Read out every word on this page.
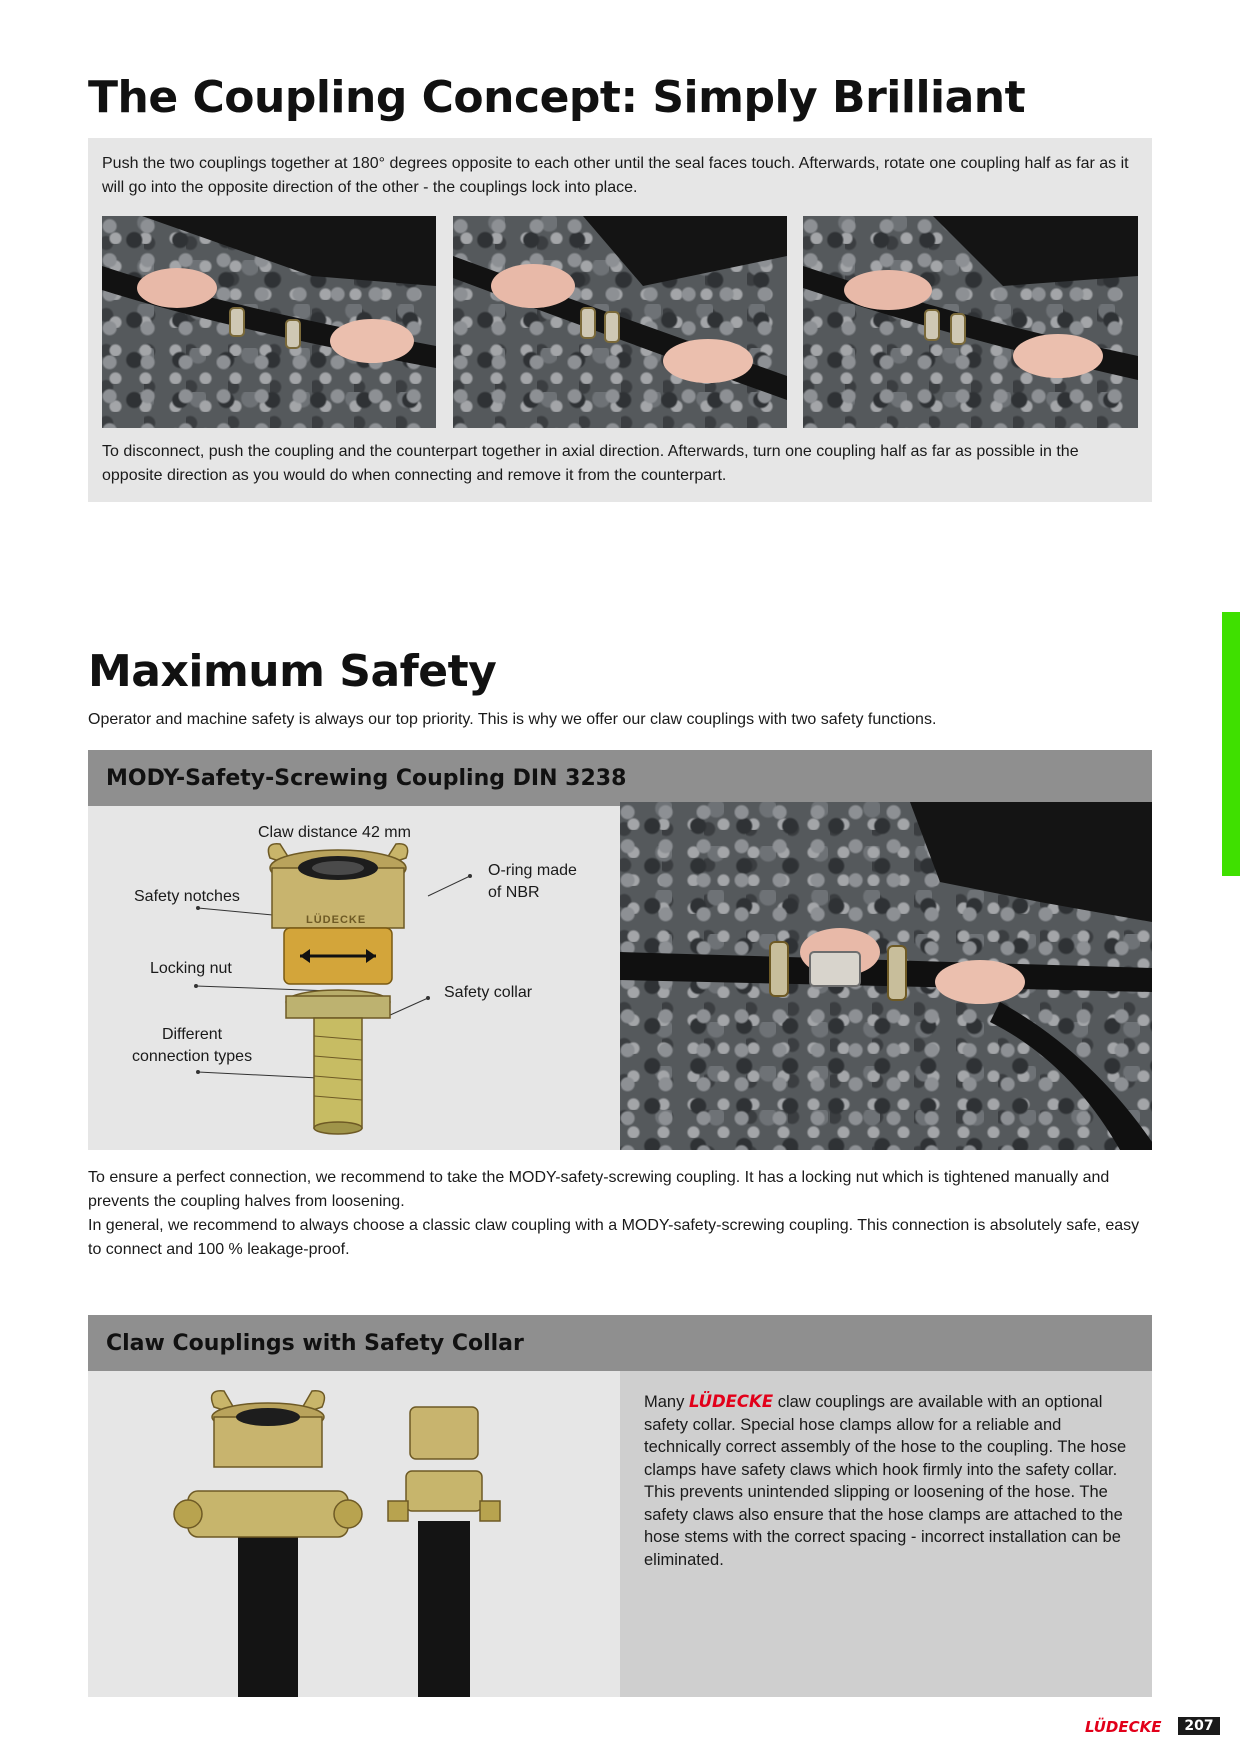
The Coupling Concept: Simply Brilliant
Push the two couplings together at 180° degrees opposite to each other until the seal faces touch. Afterwards, rotate one coupling half as far as it will go into the opposite direction of the other - the couplings lock into place.
To disconnect, push the coupling and the counterpart together in axial direction. Afterwards, turn one coupling half as far as possible in the opposite direction as you would do when connecting and remove it from the counterpart.
Maximum Safety
Operator and machine safety is always our top priority. This is why we offer our claw couplings with two safety functions.
MODY-Safety-Screwing Coupling DIN 3238
Claw distance 42 mm
O-ring made
of NBR
Safety notches
Locking nut
Safety collar
Different
connection types
LÜDECKE
To ensure a perfect connection, we recommend to take the MODY-safety-screwing coupling. It has a locking nut which is tightened manually and prevents the coupling halves from loosening.
In general, we recommend to always choose a classic claw coupling with a MODY-safety-screwing coupling. This connection is absolutely safe, easy to connect and 100 % leakage-proof.
Claw Couplings with Safety Collar
Many LÜDECKE claw couplings are available with an optional safety collar. Special hose clamps allow for a reliable and technically correct assembly of the hose to the coupling. The hose clamps have safety claws which hook firmly into the safety collar. This prevents unintended slipping or loosening of the hose. The safety claws also ensure that the hose clamps are attached to the hose stems with the correct spacing - incorrect installation can be eliminated.
LÜDECKE	207
